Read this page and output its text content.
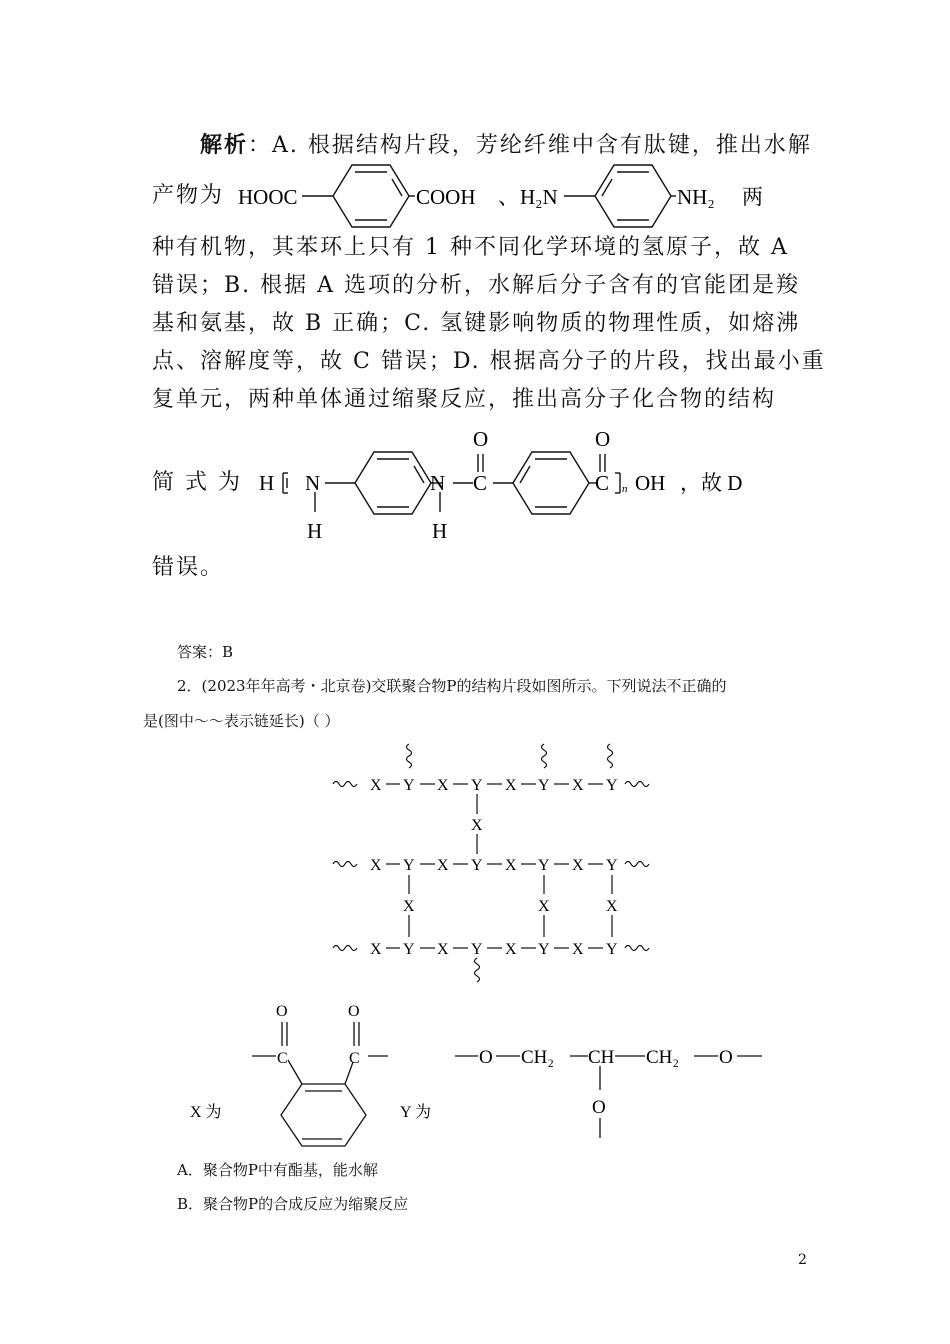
解析：A. 根据结构片段，芳纶纤维中含有肽键，推出水解
产物为 HOOC	COOH 、 H₂N	NH₂ 两
种有机物，其苯环上只有 1 种不同化学环境的氢原子，故 A
错误；B. 根据 A 选项的分析，水解后分子含有的官能团是羧
基和氨基，故 B 正确；C. 氢键影响物质的物理性质，如熔沸
点、溶解度等，故 C 错误；D. 根据高分子的片段，找出最小重
复单元，两种单体通过缩聚反应，推出高分子化合物的结构
简 式 为 H N
H
N
H
C
O
C
O
n OH ，故 D
错误。
答案：B
2．(2023年年高考・北京卷)交联聚合物P的结构片段如图所示。下列说法不正确的
是(图中～～表示链延长)（ ）
X Y X Y X Y X Y
X
X Y X Y X Y X Y
X	X	X
X Y X Y X Y X Y
X 为
C
O
C
O
Y 为
O CH₂ CH CH₂ O
O
A．聚合物P中有酯基，能水解
B．聚合物P的合成反应为缩聚反应
2
